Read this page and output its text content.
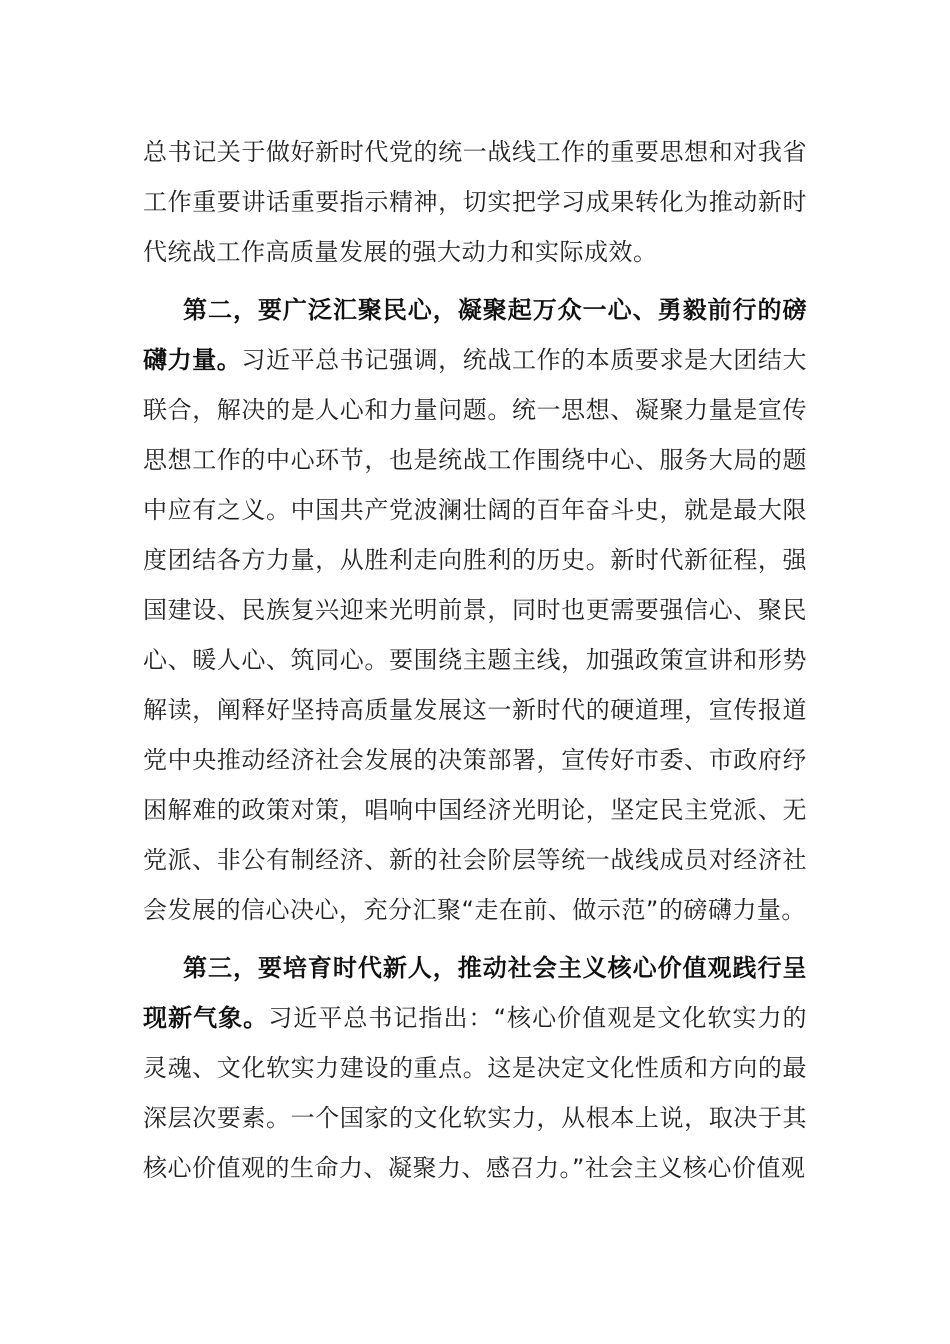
总书记关于做好新时代党的统一战线工作的重要思想和对我省工作重要讲话重要指示精神，切实把学习成果转化为推动新时代统战工作高质量发展的强大动力和实际成效。

第二，要广泛汇聚民心，凝聚起万众一心、勇毅前行的磅礴力量。习近平总书记强调，统战工作的本质要求是大团结大联合，解决的是人心和力量问题。统一思想、凝聚力量是宣传思想工作的中心环节，也是统战工作围绕中心、服务大局的题中应有之义。中国共产党波澜壮阔的百年奋斗史，就是最大限度团结各方力量，从胜利走向胜利的历史。新时代新征程，强国建设、民族复兴迎来光明前景，同时也更需要强信心、聚民心、暖人心、筑同心。要围绕主题主线，加强政策宣讲和形势解读，阐释好坚持高质量发展这一新时代的硬道理，宣传报道党中央推动经济社会发展的决策部署，宣传好市委、市政府纾困解难的政策对策，唱响中国经济光明论，坚定民主党派、无党派、非公有制经济、新的社会阶层等统一战线成员对经济社会发展的信心决心，充分汇聚“走在前、做示范”的磅礴力量。

第三，要培育时代新人，推动社会主义核心价值观践行呈现新气象。习近平总书记指出：“核心价值观是文化软实力的灵魂、文化软实力建设的重点。这是决定文化性质和方向的最深层次要素。一个国家的文化软实力，从根本上说，取决于其核心价值观的生命力、凝聚力、感召力。”社会主义核心价值观
